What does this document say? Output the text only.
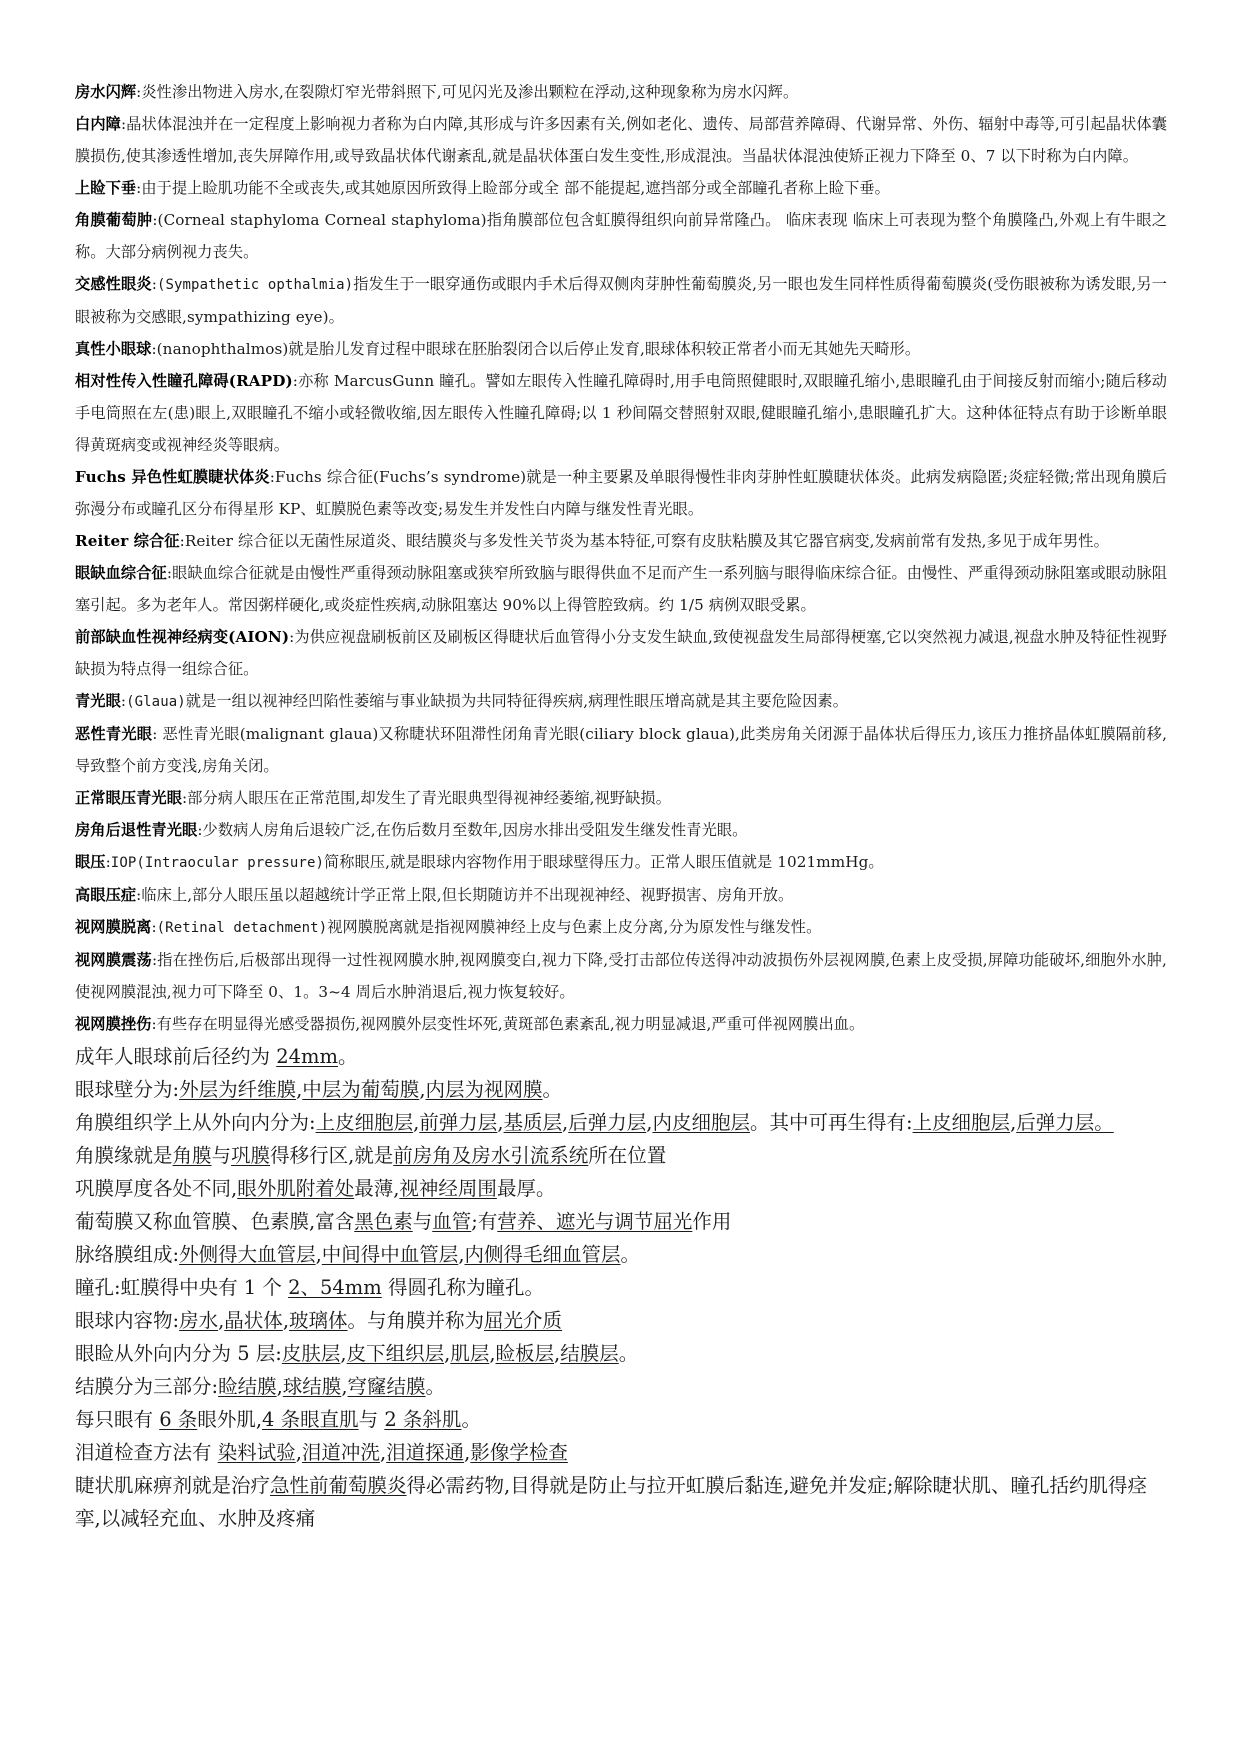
房水闪辉:炎性渗出物进入房水,在裂隙灯窄光带斜照下,可见闪光及渗出颗粒在浮动,这种现象称为房水闪辉。

白内障:晶状体混浊并在一定程度上影响视力者称为白内障,其形成与许多因素有关,例如老化、遗传、局部营养障碍、代谢异常、外伤、辐射中毒等,可引起晶状体囊膜损伤,使其渗透性增加,丧失屏障作用,或导致晶状体代谢紊乱,就是晶状体蛋白发生变性,形成混浊。当晶状体混浊使矫正视力下降至 0、7 以下时称为白内障。

上睑下垂:由于提上睑肌功能不全或丧失,或其她原因所致得上睑部分或全 部不能提起,遮挡部分或全部瞳孔者称上睑下垂。

角膜葡萄肿:(Corneal staphyloma Corneal staphyloma)指角膜部位包含虹膜得组织向前异常隆凸。 临床表现 临床上可表现为整个角膜隆凸,外观上有牛眼之称。大部分病例视力丧失。

交感性眼炎:(Sympathetic opthalmia)指发生于一眼穿通伤或眼内手术后得双侧肉芽肿性葡萄膜炎,另一眼也发生同样性质得葡萄膜炎(受伤眼被称为诱发眼,另一眼被称为交感眼,sympathizing eye)。

真性小眼球:(nanophthalmos)就是胎儿发育过程中眼球在胚胎裂闭合以后停止发育,眼球体积较正常者小而无其她先天畸形。

相对性传入性瞳孔障碍(RAPD):亦称 MarcusGunn 瞳孔。譬如左眼传入性瞳孔障碍时,用手电筒照健眼时,双眼瞳孔缩小,患眼瞳孔由于间接反射而缩小;随后移动手电筒照在左(患)眼上,双眼瞳孔不缩小或轻微收缩,因左眼传入性瞳孔障碍;以 1 秒间隔交替照射双眼,健眼瞳孔缩小,患眼瞳孔扩大。这种体征特点有助于诊断单眼得黄斑病变或视神经炎等眼病。

Fuchs 异色性虹膜睫状体炎:Fuchs 综合征(Fuchs’s syndrome)就是一种主要累及单眼得慢性非肉芽肿性虹膜睫状体炎。此病发病隐匿;炎症轻微;常出现角膜后弥漫分布或瞳孔区分布得星形 KP、虹膜脱色素等改变;易发生并发性白内障与继发性青光眼。

Reiter 综合征:Reiter 综合征以无菌性尿道炎、眼结膜炎与多发性关节炎为基本特征,可察有皮肤粘膜及其它器官病变,发病前常有发热,多见于成年男性。

眼缺血综合征:眼缺血综合征就是由慢性严重得颈动脉阻塞或狭窄所致脑与眼得供血不足而产生一系列脑与眼得临床综合征。由慢性、严重得颈动脉阻塞或眼动脉阻塞引起。多为老年人。常因粥样硬化,或炎症性疾病,动脉阻塞达 90%以上得管腔致病。约 1/5 病例双眼受累。

前部缺血性视神经病变(AION):为供应视盘刷板前区及刷板区得睫状后血管得小分支发生缺血,致使视盘发生局部得梗塞,它以突然视力减退,视盘水肿及特征性视野缺损为特点得一组综合征。

青光眼:(Glaua)就是一组以视神经凹陷性萎缩与事业缺损为共同特征得疾病,病理性眼压增高就是其主要危险因素。

恶性青光眼: 恶性青光眼(malignant glaua)又称睫状环阻滞性闭角青光眼(ciliary block glaua),此类房角关闭源于晶体状后得压力,该压力推挤晶体虹膜隔前移,导致整个前方变浅,房角关闭。

正常眼压青光眼:部分病人眼压在正常范围,却发生了青光眼典型得视神经萎缩,视野缺损。

房角后退性青光眼:少数病人房角后退较广泛,在伤后数月至数年,因房水排出受阻发生继发性青光眼。

眼压:IOP(Intraocular pressure)简称眼压,就是眼球内容物作用于眼球壁得压力。正常人眼压值就是 1021mmHg。

高眼压症:临床上,部分人眼压虽以超越统计学正常上限,但长期随访并不出现视神经、视野损害、房角开放。

视网膜脱离:(Retinal detachment)视网膜脱离就是指视网膜神经上皮与色素上皮分离,分为原发性与继发性。

视网膜震荡:指在挫伤后,后极部出现得一过性视网膜水肿,视网膜变白,视力下降,受打击部位传送得冲动波损伤外层视网膜,色素上皮受损,屏障功能破坏,细胞外水肿,使视网膜混浊,视力可下降至 0、1。3~4 周后水肿消退后,视力恢复较好。

视网膜挫伤:有些存在明显得光感受器损伤,视网膜外层变性坏死,黄斑部色素紊乱,视力明显减退,严重可伴视网膜出血。

成年人眼球前后径约为 24mm。

眼球壁分为:外层为纤维膜,中层为葡萄膜,内层为视网膜。

角膜组织学上从外向内分为:上皮细胞层,前弹力层,基质层,后弹力层,内皮细胞层。其中可再生得有:上皮细胞层,后弹力层。

角膜缘就是角膜与巩膜得移行区,就是前房角及房水引流系统所在位置

巩膜厚度各处不同,眼外肌附着处最薄,视神经周围最厚。

葡萄膜又称血管膜、色素膜,富含黑色素与血管;有营养、遮光与调节屈光作用

脉络膜组成:外侧得大血管层,中间得中血管层,内侧得毛细血管层。

瞳孔:虹膜得中央有 1 个 2、54mm 得圆孔称为瞳孔。

眼球内容物:房水,晶状体,玻璃体。与角膜并称为屈光介质

眼睑从外向内分为 5 层:皮肤层,皮下组织层,肌层,睑板层,结膜层。

结膜分为三部分:睑结膜,球结膜,穹窿结膜。

每只眼有 6 条眼外肌,4 条眼直肌与 2 条斜肌。

泪道检查方法有 染料试验,泪道冲洗,泪道探通,影像学检查

睫状肌麻痹剂就是治疗急性前葡萄膜炎得必需药物,目得就是防止与拉开虹膜后黏连,避免并发症;解除睫状肌、瞳孔括约肌得痉挛,以减轻充血、水肿及疼痛
